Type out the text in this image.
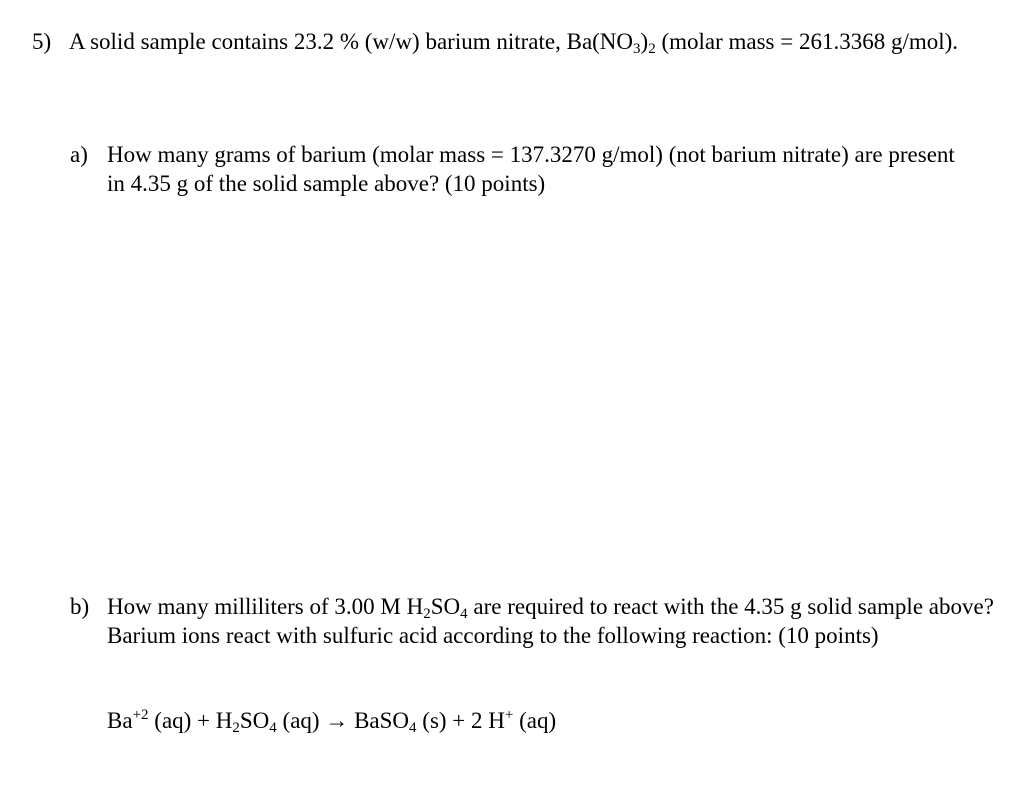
5) A solid sample contains 23.2 % (w/w) barium nitrate, $Ba(NO_3)_2$ (molar mass = 261.3368 g/mol).

a) How many grams of barium (molar mass = 137.3270 g/mol) (not barium nitrate) are present in 4.35 g of the solid sample above? (10 points)

b) How many milliliters of 3.00 M $H_2SO_4$ are required to react with the 4.35 g solid sample above? Barium ions react with sulfuric acid according to the following reaction: (10 points)

$Ba^{+2}$ $(aq) + H_2SO_4$ (aq) → BaSO$_4$ (s) + 2 H+ (aq)
